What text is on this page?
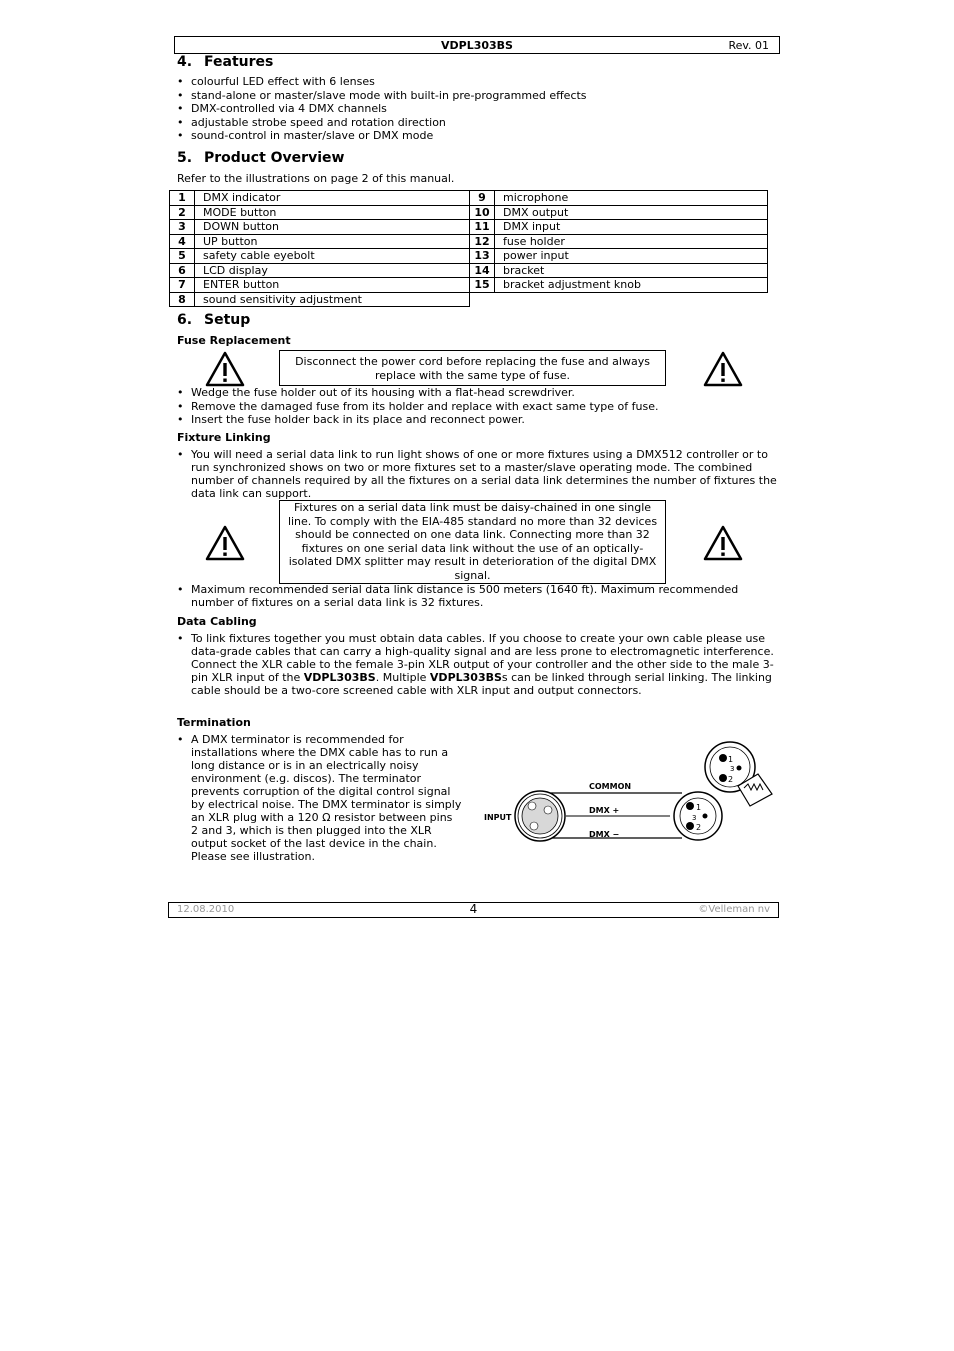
VDPL303BS	Rev. 01
4. Features
• colourful LED effect with 6 lenses
• stand-alone or master/slave mode with built-in pre-programmed effects
• DMX-controlled via 4 DMX channels
• adjustable strobe speed and rotation direction
• sound-control in master/slave or DMX mode
5. Product Overview

Refer to the illustrations on page 2 of this manual.

1	DMX indicator	9	microphone
2	MODE button	10	DMX output
3	DOWN button	11	DMX input
4	UP button	12	fuse holder
5	safety cable eyebolt	13	power input
6	LCD display	14	bracket
7	ENTER button	15	bracket adjustment knob
8	sound sensitivity adjustment		
6. Setup
Fuse Replacement
Disconnect the power cord before replacing the fuse and always replace with the same type of fuse.
• Wedge the fuse holder out of its housing with a flat-head screwdriver.
• Remove the damaged fuse from its holder and replace with exact same type of fuse.
• Insert the fuse holder back in its place and reconnect power.
Fixture Linking
• You will need a serial data link to run light shows of one or more fixtures using a DMX512 controller or to run synchronized shows on two or more fixtures set to a master/slave operating mode. The combined number of channels required by all the fixtures on a serial data link determines the number of fixtures the data link can support.
Fixtures on a serial data link must be daisy-chained in one single line. To comply with the EIA-485 standard no more than 32 devices should be connected on one data link. Connecting more than 32 fixtures on one serial data link without the use of an optically-isolated DMX splitter may result in deterioration of the digital DMX signal.
• Maximum recommended serial data link distance is 500 meters (1640 ft). Maximum recommended number of fixtures on a serial data link is 32 fixtures.
Data Cabling
• To link fixtures together you must obtain data cables. If you choose to create your own cable please use data-grade cables that can carry a high-quality signal and are less prone to electromagnetic interference. Connect the XLR cable to the female 3-pin XLR output of your controller and the other side to the male 3-pin XLR input of the VDPL303BS. Multiple VDPL303BSs can be linked through serial linking. The linking cable should be a two-core screened cable with XLR input and output connectors.
Termination
• A DMX terminator is recommended for installations where the DMX cable has to run a long distance or is in an electrically noisy environment (e.g. discos). The terminator prevents corruption of the digital control signal by electrical noise. The DMX terminator is simply an XLR plug with a 120 Ω resistor between pins 2 and 3, which is then plugged into the XLR output socket of the last device in the chain. Please see illustration.
1
2
3
1
2
3
COMMON
DMX +
DMX −
INPUT
12.08.2010	4	©Velleman nv
